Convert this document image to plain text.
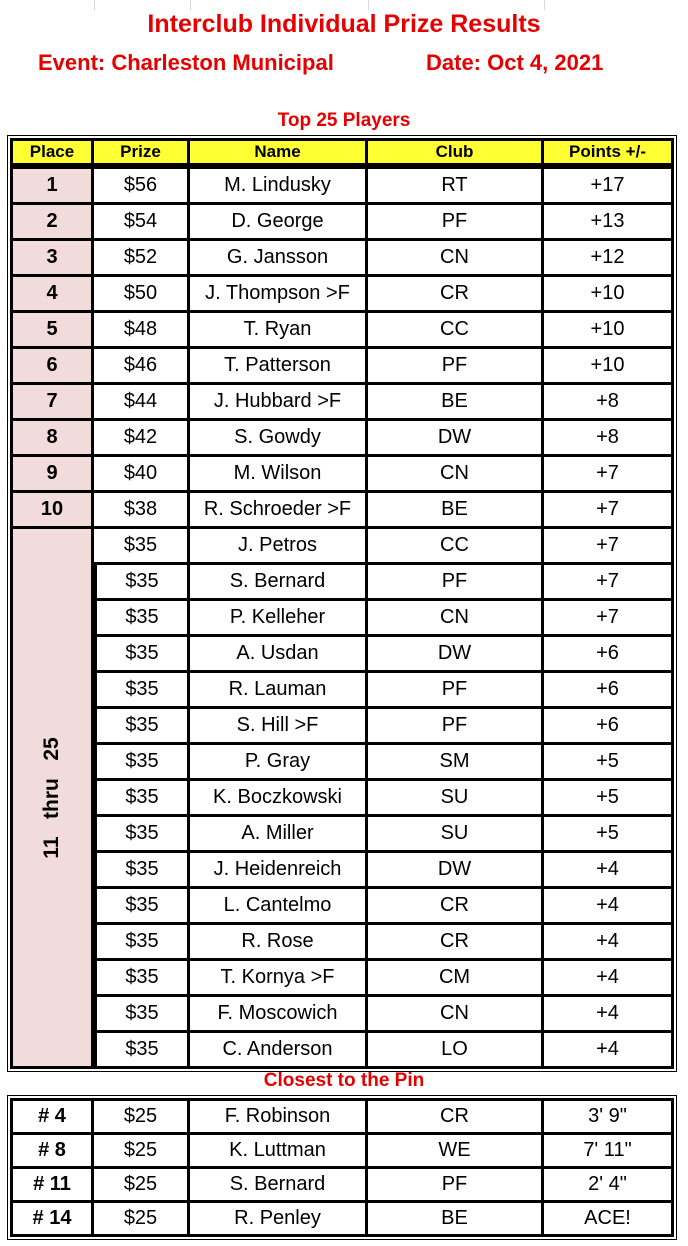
Interclub Individual Prize Results
Event: Charleston Municipal	Date: Oct 4, 2021
Top 25 Players
Place	Prize	Name	Club	Points +/-
1	$56	M. Lindusky	RT	+17
2	$54	D. George	PF	+13
3	$52	G. Jansson	CN	+12
4	$50	J. Thompson >F	CR	+10
5	$48	T. Ryan	CC	+10
6	$46	T. Patterson	PF	+10
7	$44	J. Hubbard >F	BE	+8
8	$42	S. Gowdy	DW	+8
9	$40	M. Wilson	CN	+7
10	$38	R. Schroeder >F	BE	+7

11   thru   25	$35	J. Petros	CC	+7
	$35	S. Bernard	PF	+7
	$35	P. Kelleher	CN	+7
	$35	A. Usdan	DW	+6
	$35	R. Lauman	PF	+6
	$35	S. Hill >F	PF	+6
	$35	P. Gray	SM	+5
	$35	K. Boczkowski	SU	+5
	$35	A. Miller	SU	+5
	$35	J. Heidenreich	DW	+4
	$35	L. Cantelmo	CR	+4
	$35	R. Rose	CR	+4
	$35	T. Kornya >F	CM	+4
	$35	F. Moscowich	CN	+4
	$35	C. Anderson	LO	+4
Closest to the Pin
# 4	$25	F. Robinson	CR	3' 9"
# 8	$25	K. Luttman	WE	7' 11"
# 11	$25	S. Bernard	PF	2' 4"
# 14	$25	R. Penley	BE	ACE!
